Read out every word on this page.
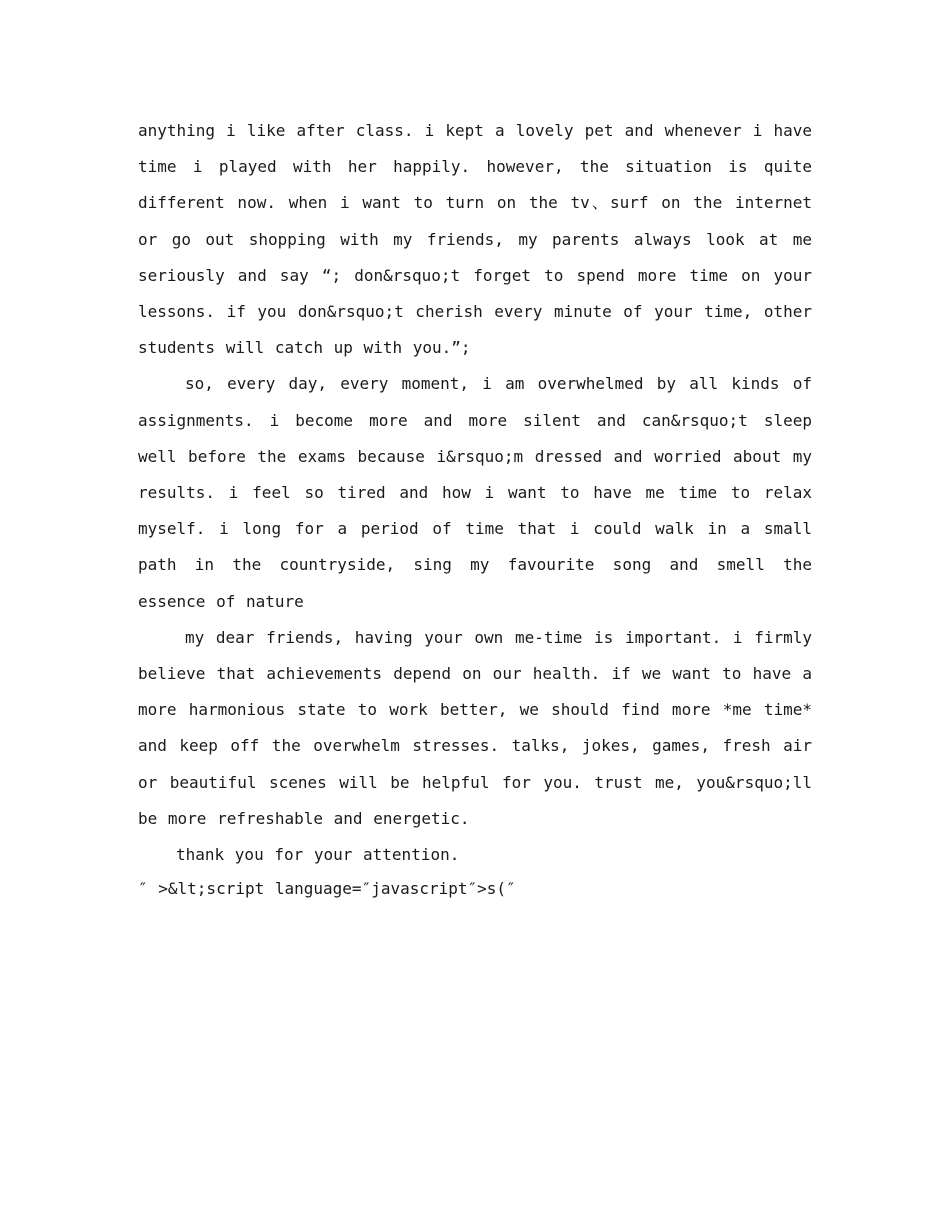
anything i like after class. i kept a lovely pet and whenever i have time i played with her happily. however, the situation is quite different now. when i want to turn on the tv、surf on the internet or go out shopping with my friends, my parents always look at me seriously and say “; don&rsquo;t forget to spend more time on your lessons. if you don&rsquo;t cherish every minute of your time, other students will catch up with you.”;

so, every day, every moment, i am overwhelmed by all kinds of assignments. i become more and more silent and can&rsquo;t sleep well before the exams because i&rsquo;m dressed and worried about my results. i feel so tired and how i want to have me time to relax myself. i long for a period of time that i could walk in a small path in the countryside, sing my favourite song and smell the essence of nature

my dear friends, having your own me-time is important. i firmly believe that achievements depend on our health. if we want to have a more harmonious state to work better, we should find more *me time* and keep off the overwhelm stresses. talks, jokes, games, fresh air or beautiful scenes will be helpful for you. trust me, you&rsquo;ll be more refreshable and energetic.

thank you for your attention.

″ >&lt;script language=″javascript″>s(″
